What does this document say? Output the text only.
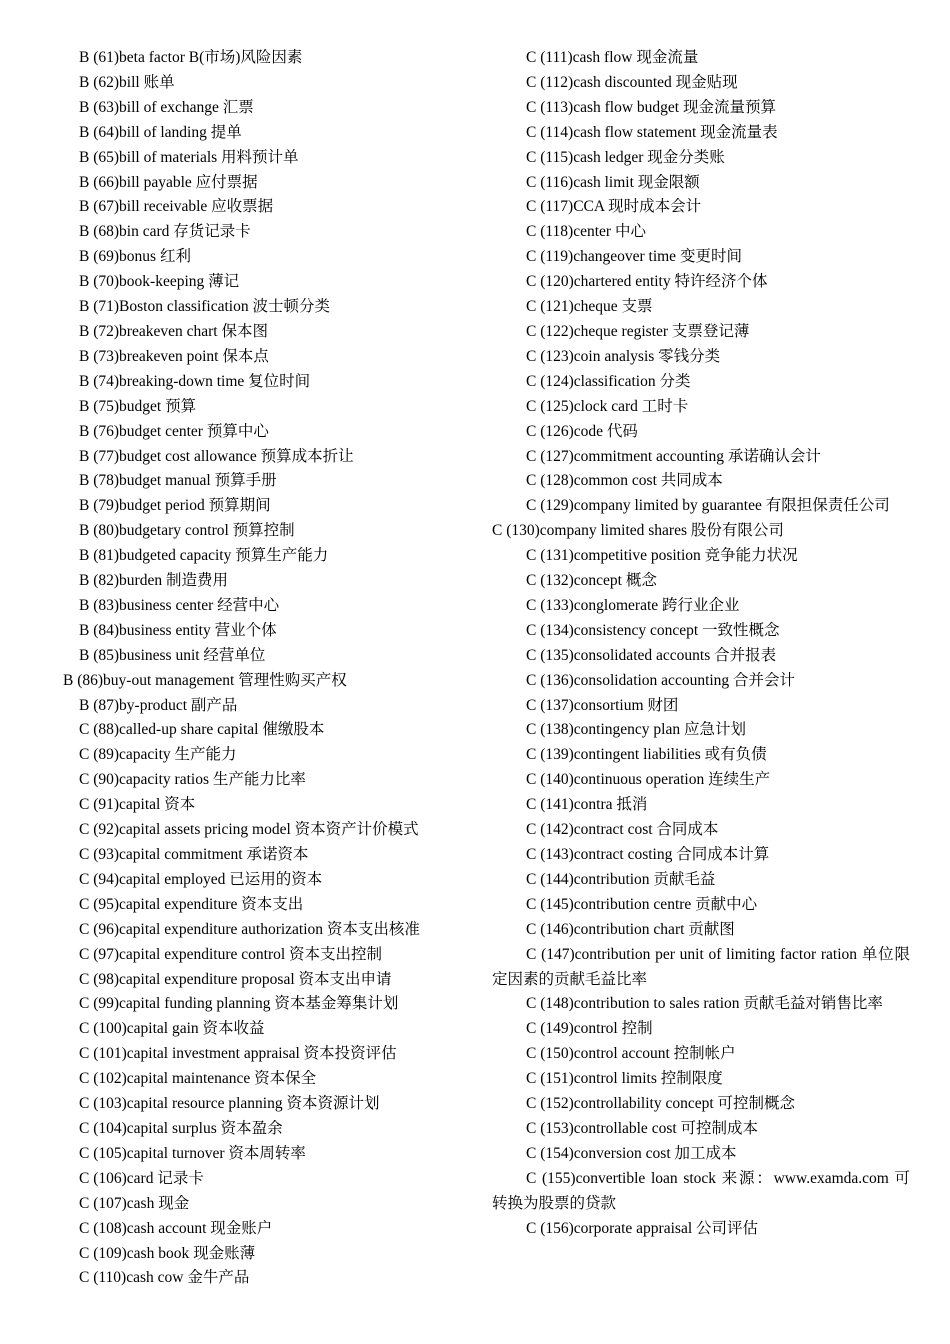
B (61)beta factor B(市场)风险因素
B (62)bill 账单
B (63)bill of exchange 汇票
B (64)bill of landing 提单
B (65)bill of materials 用料预计单
B (66)bill payable 应付票据
B (67)bill receivable 应收票据
B (68)bin card 存货记录卡
B (69)bonus 红利
B (70)book-keeping 薄记
B (71)Boston classification 波士顿分类
B (72)breakeven chart 保本图
B (73)breakeven point 保本点
B (74)breaking-down time 复位时间
B (75)budget 预算
B (76)budget center 预算中心
B (77)budget cost allowance 预算成本折让
B (78)budget manual 预算手册
B (79)budget period 预算期间
B (80)budgetary control 预算控制
B (81)budgeted capacity 预算生产能力
B (82)burden 制造费用
B (83)business center 经营中心
B (84)business entity 营业个体
B (85)business unit 经营单位
B (86)buy-out management 管理性购买产权
B (87)by-product 副产品
C (88)called-up share capital 催缴股本
C (89)capacity 生产能力
C (90)capacity ratios 生产能力比率
C (91)capital 资本
C (92)capital assets pricing model 资本资产计价模式
C (93)capital commitment 承诺资本
C (94)capital employed 已运用的资本
C (95)capital expenditure 资本支出
C (96)capital expenditure authorization 资本支出核准
C (97)capital expenditure control 资本支出控制
C (98)capital expenditure proposal 资本支出申请
C (99)capital funding planning 资本基金筹集计划
C (100)capital gain 资本收益
C (101)capital investment appraisal 资本投资评估
C (102)capital maintenance 资本保全
C (103)capital resource planning 资本资源计划
C (104)capital surplus 资本盈余
C (105)capital turnover 资本周转率
C (106)card 记录卡
C (107)cash 现金
C (108)cash account 现金账户
C (109)cash book 现金账薄
C (110)cash cow 金牛产品
C (111)cash flow 现金流量
C (112)cash discounted 现金贴现
C (113)cash flow budget 现金流量预算
C (114)cash flow statement 现金流量表
C (115)cash ledger 现金分类账
C (116)cash limit 现金限额
C (117)CCA 现时成本会计
C (118)center 中心
C (119)changeover time 变更时间
C (120)chartered entity 特许经济个体
C (121)cheque 支票
C (122)cheque register 支票登记薄
C (123)coin analysis 零钱分类
C (124)classification 分类
C (125)clock card 工时卡
C (126)code 代码
C (127)commitment accounting 承诺确认会计
C (128)common cost 共同成本
C (129)company limited by guarantee 有限担保责任公司
C (130)company limited shares 股份有限公司
C (131)competitive position 竞争能力状况
C (132)concept 概念
C (133)conglomerate 跨行业企业
C (134)consistency concept 一致性概念
C (135)consolidated accounts 合并报表
C (136)consolidation accounting 合并会计
C (137)consortium 财团
C (138)contingency plan 应急计划
C (139)contingent liabilities 或有负债
C (140)continuous operation 连续生产
C (141)contra 抵消
C (142)contract cost 合同成本
C (143)contract costing 合同成本计算
C (144)contribution 贡献毛益
C (145)contribution centre 贡献中心
C (146)contribution chart 贡献图
C (147)contribution per unit of limiting factor ration 单位限定因素的贡献毛益比率
C (148)contribution to sales ration 贡献毛益对销售比率
C (149)control 控制
C (150)control account 控制帐户
C (151)control limits 控制限度
C (152)controllability concept 可控制概念
C (153)controllable cost 可控制成本
C (154)conversion cost 加工成本
C (155)convertible loan stock 来源：www.examda.com 可转换为股票的贷款
C (156)corporate appraisal 公司评估
